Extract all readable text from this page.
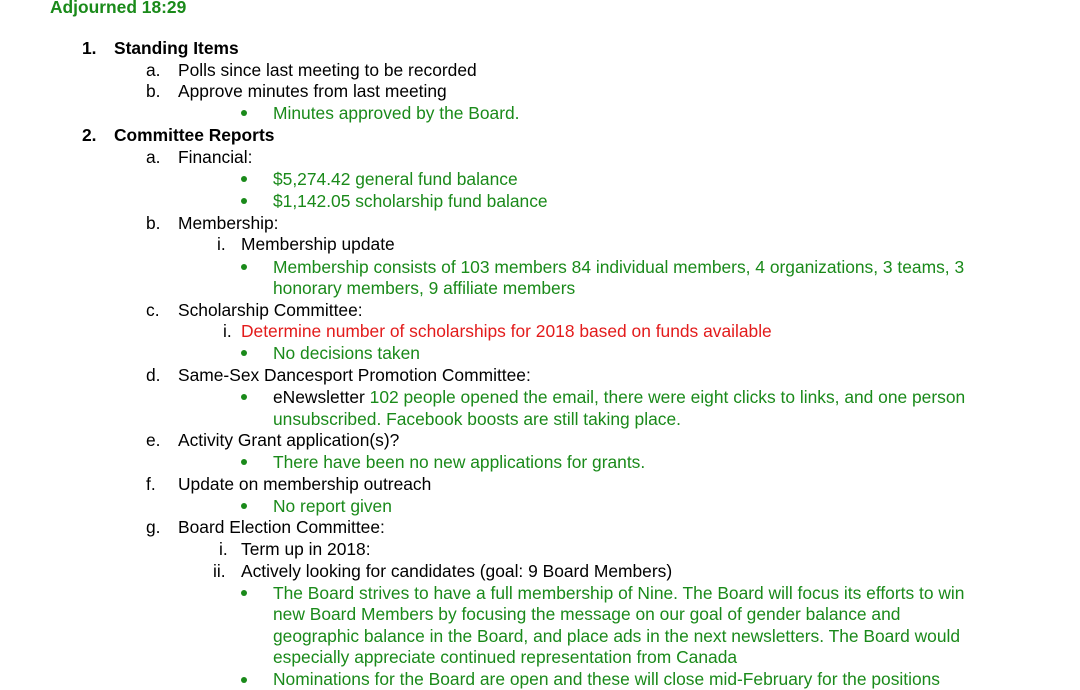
Adjourned 18:29
1. Standing Items
a. Polls since last meeting to be recorded
b. Approve minutes from last meeting
Minutes approved by the Board.
2. Committee Reports
a. Financial:
$5,274.42 general fund balance
$1,142.05 scholarship fund balance
b. Membership:
i. Membership update
Membership consists of 103 members 84 individual members, 4 organizations, 3 teams, 3
honorary members, 9 affiliate members
c. Scholarship Committee:
i. Determine number of scholarships for 2018 based on funds available
No decisions taken
d. Same-Sex Dancesport Promotion Committee:
eNewsletter 102 people opened the email, there were eight clicks to links, and one person
unsubscribed. Facebook boosts are still taking place.
e. Activity Grant application(s)?
There have been no new applications for grants.
f. Update on membership outreach
No report given
g. Board Election Committee:
i. Term up in 2018:
ii. Actively looking for candidates (goal: 9 Board Members)
The Board strives to have a full membership of Nine. The Board will focus its efforts to win
new Board Members by focusing the message on our goal of gender balance and
geographic balance in the Board, and place ads in the next newsletters. The Board would
especially appreciate continued representation from Canada
Nominations for the Board are open and these will close mid-February for the positions
